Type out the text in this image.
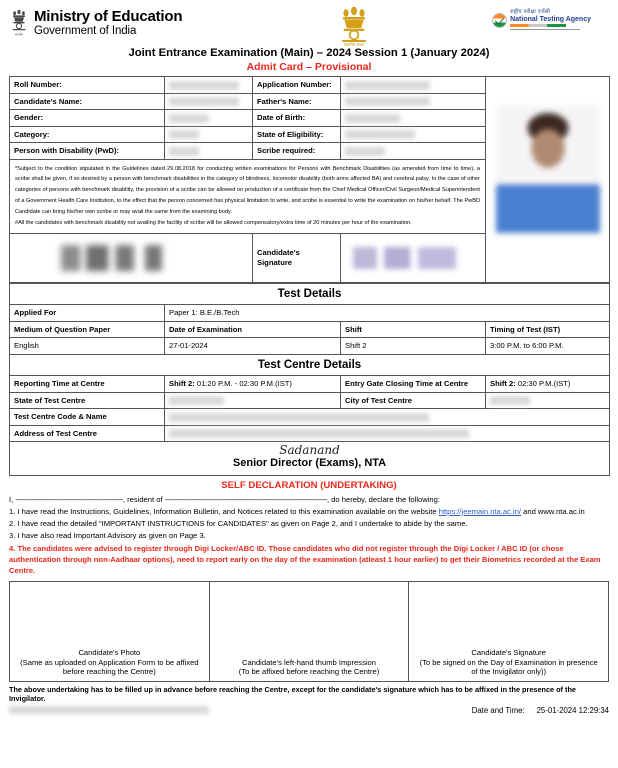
सत्यमेव
Ministry of Education
Government of India
सत्यमेव जयते
राष्ट्रीय परीक्षा एजेंसी
National Testing Agency
Joint Entrance Examination (Main) – 2024 Session 1 (January 2024)
Admit Card – Provisional
Roll Number:		Application Number:		

Candidate's Name:		Father's Name:		
Gender:		Date of Birth:		
Category:		State of Eligibility:		
Person with Disability (PwD):		Scribe required:		

*Subject to the condition stipulated in the Guidelines dated 29.08.2018 for conducting written examinations for Persons with Benchmark Disabilities (as amended from time to time), a scribe shall be given, if so desired by a person with benchmark disabilities in the category of blindness, locomotor disability (both arms affected BA) and cerebral palsy. In the case of other categories of persons with benchmark disability, the provision of a scribe can be allowed on production of a certificate from the Chief Medical Officer/Civil Surgeon/Medical Superintendent of a Government Health Care Institution, to the effect that the person concerned has physical limitation to write, and scribe is essential to write the examination on his/her behalf. The PwBD Candidate can bring his/her own scribe or may avail the same from the examining body.
#All the candidates with benchmark disability not availing the facility of scribe will be allowed compensatory/extra time of 20 minutes per hour of the examination.				

		Candidate's Signature		
Test Details			
Applied For	Paper 1: B.E./B.Tech		
Medium of Question Paper	Date of Examination	Shift	Timing of Test (IST)
English	27-01-2024	Shift 2	3:00 P.M. to 6:00 P.M.
Test Centre Details			
Reporting Time at Centre	Shift 2: 01:20 P.M. - 02:30 P.M.(IST)	Entry Gate Closing Time at Centre	Shift 2: 02:30 P.M.(IST)
State of Test Centre		City of Test Centre	
Test Centre Code & Name			
Address of Test Centre			

Sadanand
Senior Director (Exams), NTA			
SELF DECLARATION (UNDERTAKING)
I, -----------------------------------------------------, resident of --------------------------------------------------------------------------------, do hereby, declare the following:
1. I have read the Instructions, Guidelines, Information Bulletin, and Notices related to this examination available on the website https://jeemain.nta.ac.in/ and www.nta.ac.in
2. I have read the detailed "IMPORTANT INSTRUCTIONS for CANDIDATES" as given on Page 2, and I undertake to abide by the same.
3. I have also read Important Advisory as given on Page 3.
4. The candidates were advised to register through Digi Locker/ABC ID. Those candidates who did not register through the Digi Locker / ABC ID (or chose authentication through non-Aadhaar options), need to report early on the day of the examination (atleast 1 hour earlier) to get their Biometrics recorded at the Exam Centre.
Candidate's Photo
(Same as uploaded on Application Form to be affixed
before reaching the Centre)

Candidate's left-hand thumb Impression
(To be affixed before reaching the Centre)

Candidate's Signature
(To be signed on the Day of Examination in presence
of the Invigilator only))
The above undertaking has to be filled up in advance before reaching the Centre, except for the candidate's signature which has to be affixed in the presence of the Invigilator.
Date and Time: 25-01-2024 12:29:34
